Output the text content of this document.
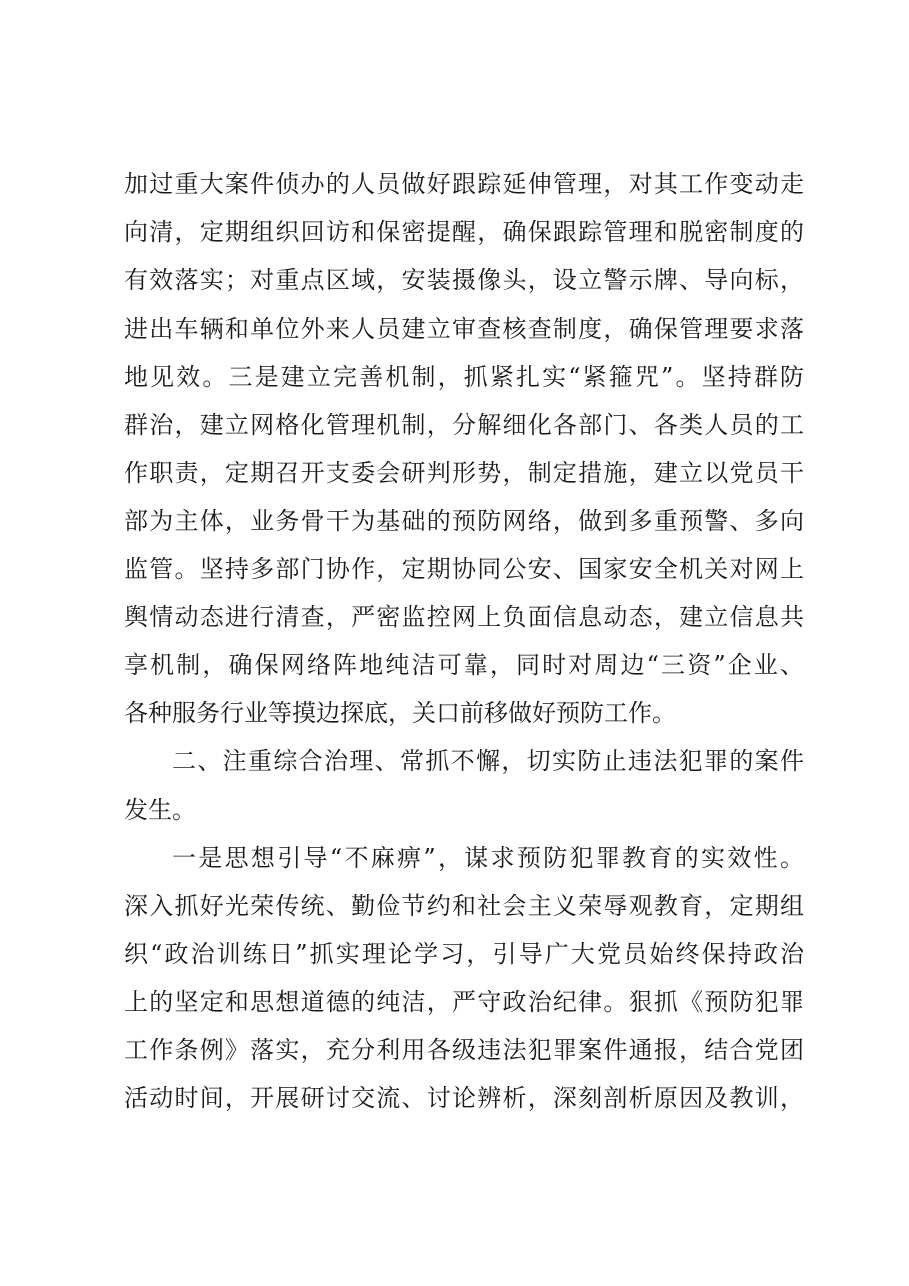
加过重大案件侦办的人员做好跟踪延伸管理，对其工作变动走
向清，定期组织回访和保密提醒，确保跟踪管理和脱密制度的
有效落实；对重点区域，安装摄像头，设立警示牌、导向标，
进出车辆和单位外来人员建立审查核查制度，确保管理要求落
地见效。三是建立完善机制，抓紧扎实“紧箍咒”。坚持群防
群治，建立网格化管理机制，分解细化各部门、各类人员的工
作职责，定期召开支委会研判形势，制定措施，建立以党员干
部为主体，业务骨干为基础的预防网络，做到多重预警、多向
监管。坚持多部门协作，定期协同公安、国家安全机关对网上
舆情动态进行清查，严密监控网上负面信息动态，建立信息共
享机制，确保网络阵地纯洁可靠，同时对周边“三资”企业、
各种服务行业等摸边探底，关口前移做好预防工作。
二、注重综合治理、常抓不懈，切实防止违法犯罪的案件
发生。
一是思想引导“不麻痹”，谋求预防犯罪教育的实效性。
深入抓好光荣传统、勤俭节约和社会主义荣辱观教育，定期组
织“政治训练日”抓实理论学习，引导广大党员始终保持政治
上的坚定和思想道德的纯洁，严守政治纪律。狠抓《预防犯罪
工作条例》落实，充分利用各级违法犯罪案件通报，结合党团
活动时间，开展研讨交流、讨论辨析，深刻剖析原因及教训，
